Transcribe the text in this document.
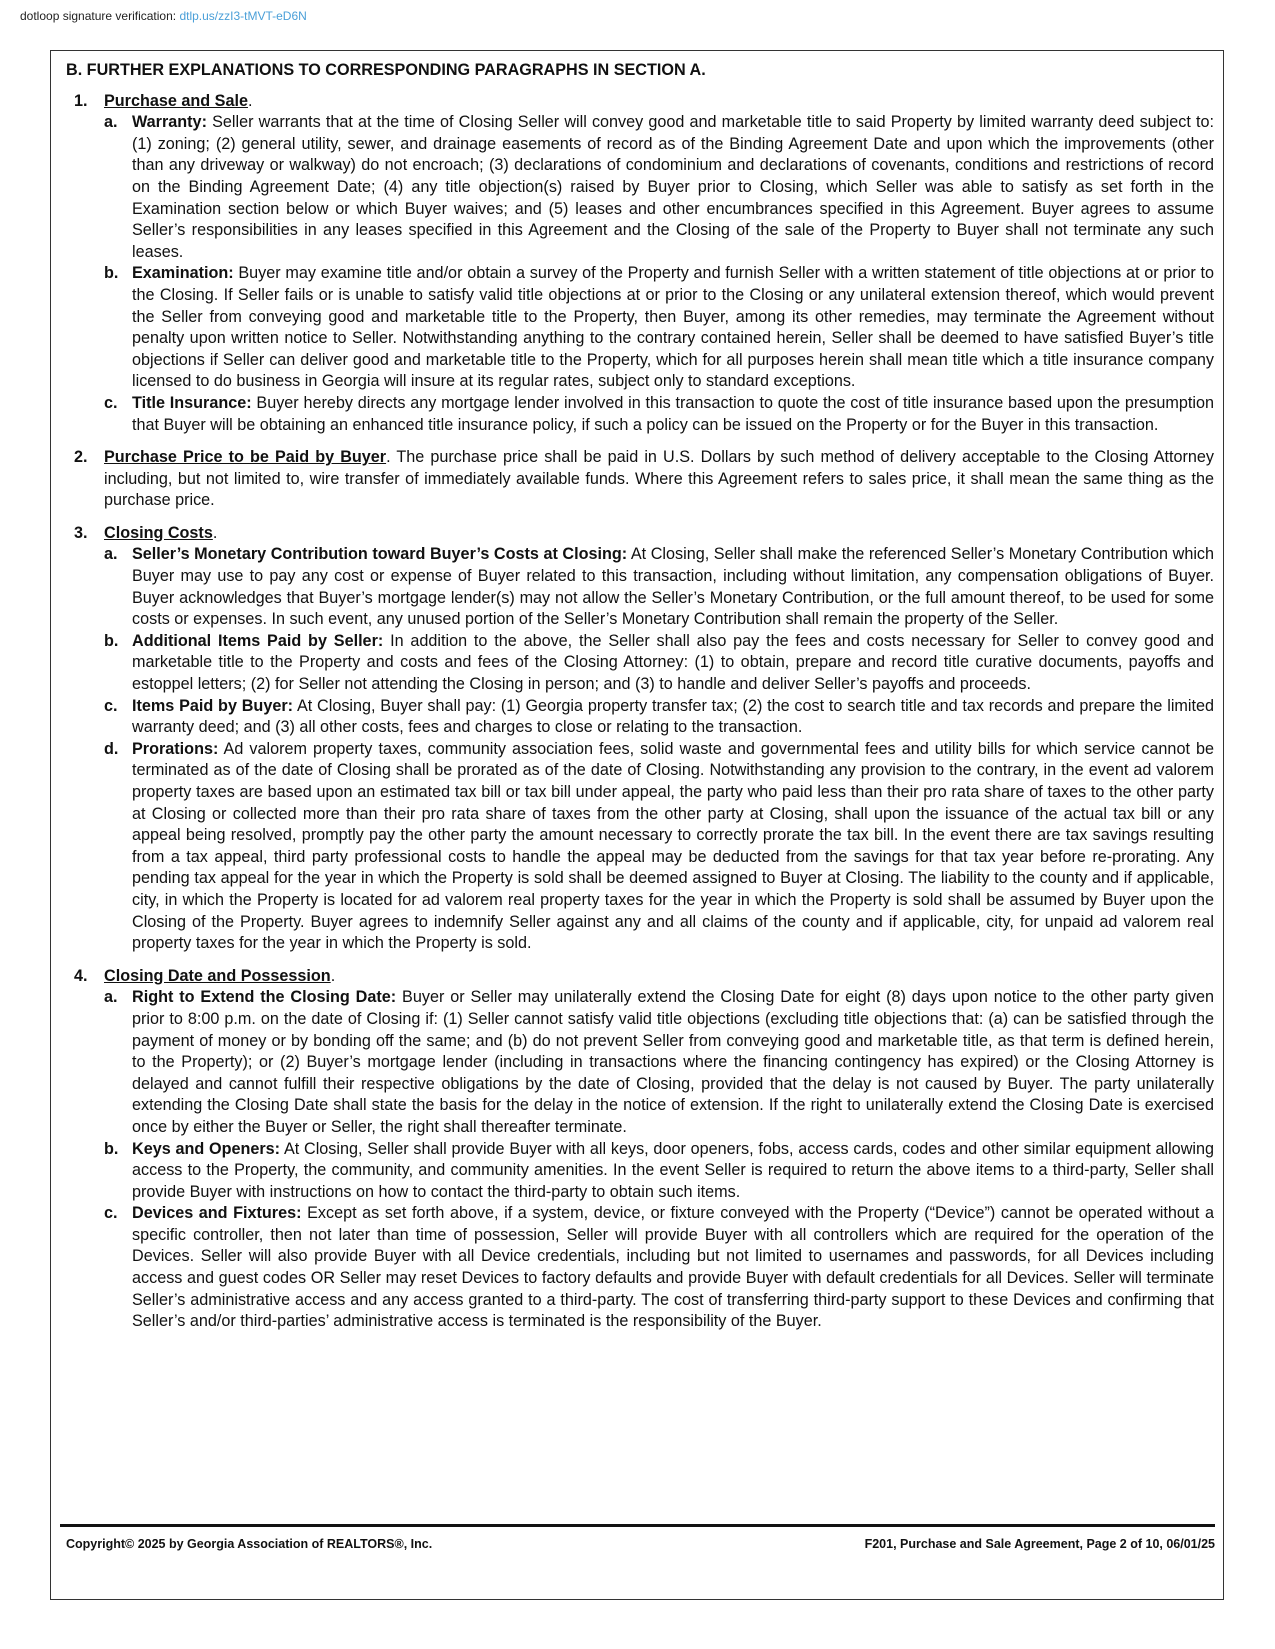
dotloop signature verification: dtlp.us/zzI3-tMVT-eD6N
B. FURTHER EXPLANATIONS TO CORRESPONDING PARAGRAPHS IN SECTION A.
1. Purchase and Sale.
a. Warranty: Seller warrants that at the time of Closing Seller will convey good and marketable title to said Property by limited warranty deed subject to: (1) zoning; (2) general utility, sewer, and drainage easements of record as of the Binding Agreement Date and upon which the improvements (other than any driveway or walkway) do not encroach; (3) declarations of condominium and declarations of covenants, conditions and restrictions of record on the Binding Agreement Date; (4) any title objection(s) raised by Buyer prior to Closing, which Seller was able to satisfy as set forth in the Examination section below or which Buyer waives; and (5) leases and other encumbrances specified in this Agreement. Buyer agrees to assume Seller’s responsibilities in any leases specified in this Agreement and the Closing of the sale of the Property to Buyer shall not terminate any such leases.
b. Examination: Buyer may examine title and/or obtain a survey of the Property and furnish Seller with a written statement of title objections at or prior to the Closing. If Seller fails or is unable to satisfy valid title objections at or prior to the Closing or any unilateral extension thereof, which would prevent the Seller from conveying good and marketable title to the Property, then Buyer, among its other remedies, may terminate the Agreement without penalty upon written notice to Seller. Notwithstanding anything to the contrary contained herein, Seller shall be deemed to have satisfied Buyer’s title objections if Seller can deliver good and marketable title to the Property, which for all purposes herein shall mean title which a title insurance company licensed to do business in Georgia will insure at its regular rates, subject only to standard exceptions.
c. Title Insurance: Buyer hereby directs any mortgage lender involved in this transaction to quote the cost of title insurance based upon the presumption that Buyer will be obtaining an enhanced title insurance policy, if such a policy can be issued on the Property or for the Buyer in this transaction.
2. Purchase Price to be Paid by Buyer. The purchase price shall be paid in U.S. Dollars by such method of delivery acceptable to the Closing Attorney including, but not limited to, wire transfer of immediately available funds. Where this Agreement refers to sales price, it shall mean the same thing as the purchase price.
3. Closing Costs.
a. Seller’s Monetary Contribution toward Buyer’s Costs at Closing: At Closing, Seller shall make the referenced Seller’s Monetary Contribution which Buyer may use to pay any cost or expense of Buyer related to this transaction, including without limitation, any compensation obligations of Buyer. Buyer acknowledges that Buyer’s mortgage lender(s) may not allow the Seller’s Monetary Contribution, or the full amount thereof, to be used for some costs or expenses. In such event, any unused portion of the Seller’s Monetary Contribution shall remain the property of the Seller.
b. Additional Items Paid by Seller: In addition to the above, the Seller shall also pay the fees and costs necessary for Seller to convey good and marketable title to the Property and costs and fees of the Closing Attorney: (1) to obtain, prepare and record title curative documents, payoffs and estoppel letters; (2) for Seller not attending the Closing in person; and (3) to handle and deliver Seller’s payoffs and proceeds.
c. Items Paid by Buyer: At Closing, Buyer shall pay: (1) Georgia property transfer tax; (2) the cost to search title and tax records and prepare the limited warranty deed; and (3) all other costs, fees and charges to close or relating to the transaction.
d. Prorations: Ad valorem property taxes, community association fees, solid waste and governmental fees and utility bills for which service cannot be terminated as of the date of Closing shall be prorated as of the date of Closing. Notwithstanding any provision to the contrary, in the event ad valorem property taxes are based upon an estimated tax bill or tax bill under appeal, the party who paid less than their pro rata share of taxes to the other party at Closing or collected more than their pro rata share of taxes from the other party at Closing, shall upon the issuance of the actual tax bill or any appeal being resolved, promptly pay the other party the amount necessary to correctly prorate the tax bill. In the event there are tax savings resulting from a tax appeal, third party professional costs to handle the appeal may be deducted from the savings for that tax year before re-prorating. Any pending tax appeal for the year in which the Property is sold shall be deemed assigned to Buyer at Closing. The liability to the county and if applicable, city, in which the Property is located for ad valorem real property taxes for the year in which the Property is sold shall be assumed by Buyer upon the Closing of the Property. Buyer agrees to indemnify Seller against any and all claims of the county and if applicable, city, for unpaid ad valorem real property taxes for the year in which the Property is sold.
4. Closing Date and Possession.
a. Right to Extend the Closing Date: Buyer or Seller may unilaterally extend the Closing Date for eight (8) days upon notice to the other party given prior to 8:00 p.m. on the date of Closing if: (1) Seller cannot satisfy valid title objections (excluding title objections that: (a) can be satisfied through the payment of money or by bonding off the same; and (b) do not prevent Seller from conveying good and marketable title, as that term is defined herein, to the Property); or (2) Buyer’s mortgage lender (including in transactions where the financing contingency has expired) or the Closing Attorney is delayed and cannot fulfill their respective obligations by the date of Closing, provided that the delay is not caused by Buyer. The party unilaterally extending the Closing Date shall state the basis for the delay in the notice of extension. If the right to unilaterally extend the Closing Date is exercised once by either the Buyer or Seller, the right shall thereafter terminate.
b. Keys and Openers: At Closing, Seller shall provide Buyer with all keys, door openers, fobs, access cards, codes and other similar equipment allowing access to the Property, the community, and community amenities. In the event Seller is required to return the above items to a third-party, Seller shall provide Buyer with instructions on how to contact the third-party to obtain such items.
c. Devices and Fixtures: Except as set forth above, if a system, device, or fixture conveyed with the Property (“Device”) cannot be operated without a specific controller, then not later than time of possession, Seller will provide Buyer with all controllers which are required for the operation of the Devices. Seller will also provide Buyer with all Device credentials, including but not limited to usernames and passwords, for all Devices including access and guest codes OR Seller may reset Devices to factory defaults and provide Buyer with default credentials for all Devices. Seller will terminate Seller’s administrative access and any access granted to a third-party. The cost of transferring third-party support to these Devices and confirming that Seller’s and/or third-parties’ administrative access is terminated is the responsibility of the Buyer.
Copyright© 2025 by Georgia Association of REALTORS®, Inc.	F201, Purchase and Sale Agreement, Page 2 of 10, 06/01/25
